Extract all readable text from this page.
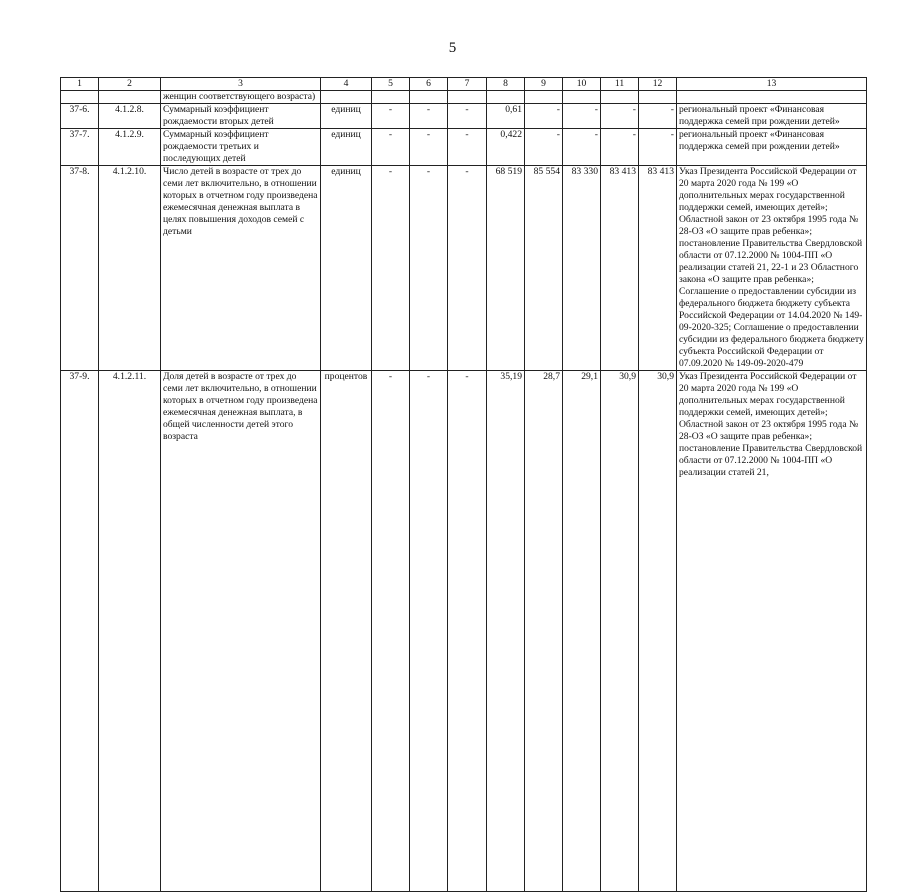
5
1	2	3	4	5	6	7	8	9	10	11	12	13
		женщин соответствующего возраста)										
37-6.	4.1.2.8.	Суммарный коэффициент рождаемости вторых детей	единиц	-	-	-	0,61	-	-	-	-	региональный проект «Финансовая поддержка семей при рождении детей»
37-7.	4.1.2.9.	Суммарный коэффициент рождаемости третьих и последующих детей	единиц	-	-	-	0,422	-	-	-	-	региональный проект «Финансовая поддержка семей при рождении детей»
37-8.	4.1.2.10.	Число детей в возрасте от трех до семи лет включительно, в отношении которых в отчетном году произведена ежемесячная денежная выплата в целях повышения доходов семей с детьми	единиц	-	-	-	68 519	85 554	83 330	83 413	83 413	Указ Президента Российской Федерации от 20 марта 2020 года № 199 «О дополнительных мерах государственной поддержки семей, имеющих детей»; Областной закон от 23 октября 1995 года № 28-ОЗ «О защите прав ребенка»; постановление Правительства Свердловской области от 07.12.2000 № 1004-ПП «О реализации статей 21, 22-1 и 23 Областного закона «О защите прав ребенка»; Соглашение о предоставлении субсидии из федерального бюджета бюджету субъекта Российской Федерации от 14.04.2020 № 149-09-2020-325; Соглашение о предоставлении субсидии из федерального бюджета бюджету субъекта Российской Федерации от 07.09.2020 № 149-09-2020-479
37-9.	4.1.2.11.	Доля детей в возрасте от трех до семи лет включительно, в отношении которых в отчетном году произведена ежемесячная денежная выплата, в общей численности детей этого возраста	процентов	-	-	-	35,19	28,7	29,1	30,9	30,9	Указ Президента Российской Федерации от 20 марта 2020 года № 199 «О дополнительных мерах государственной поддержки семей, имеющих детей»; Областной закон от 23 октября 1995 года № 28-ОЗ «О защите прав ребенка»; постановление Правительства Свердловской области от 07.12.2000 № 1004-ПП «О реализации статей 21,
